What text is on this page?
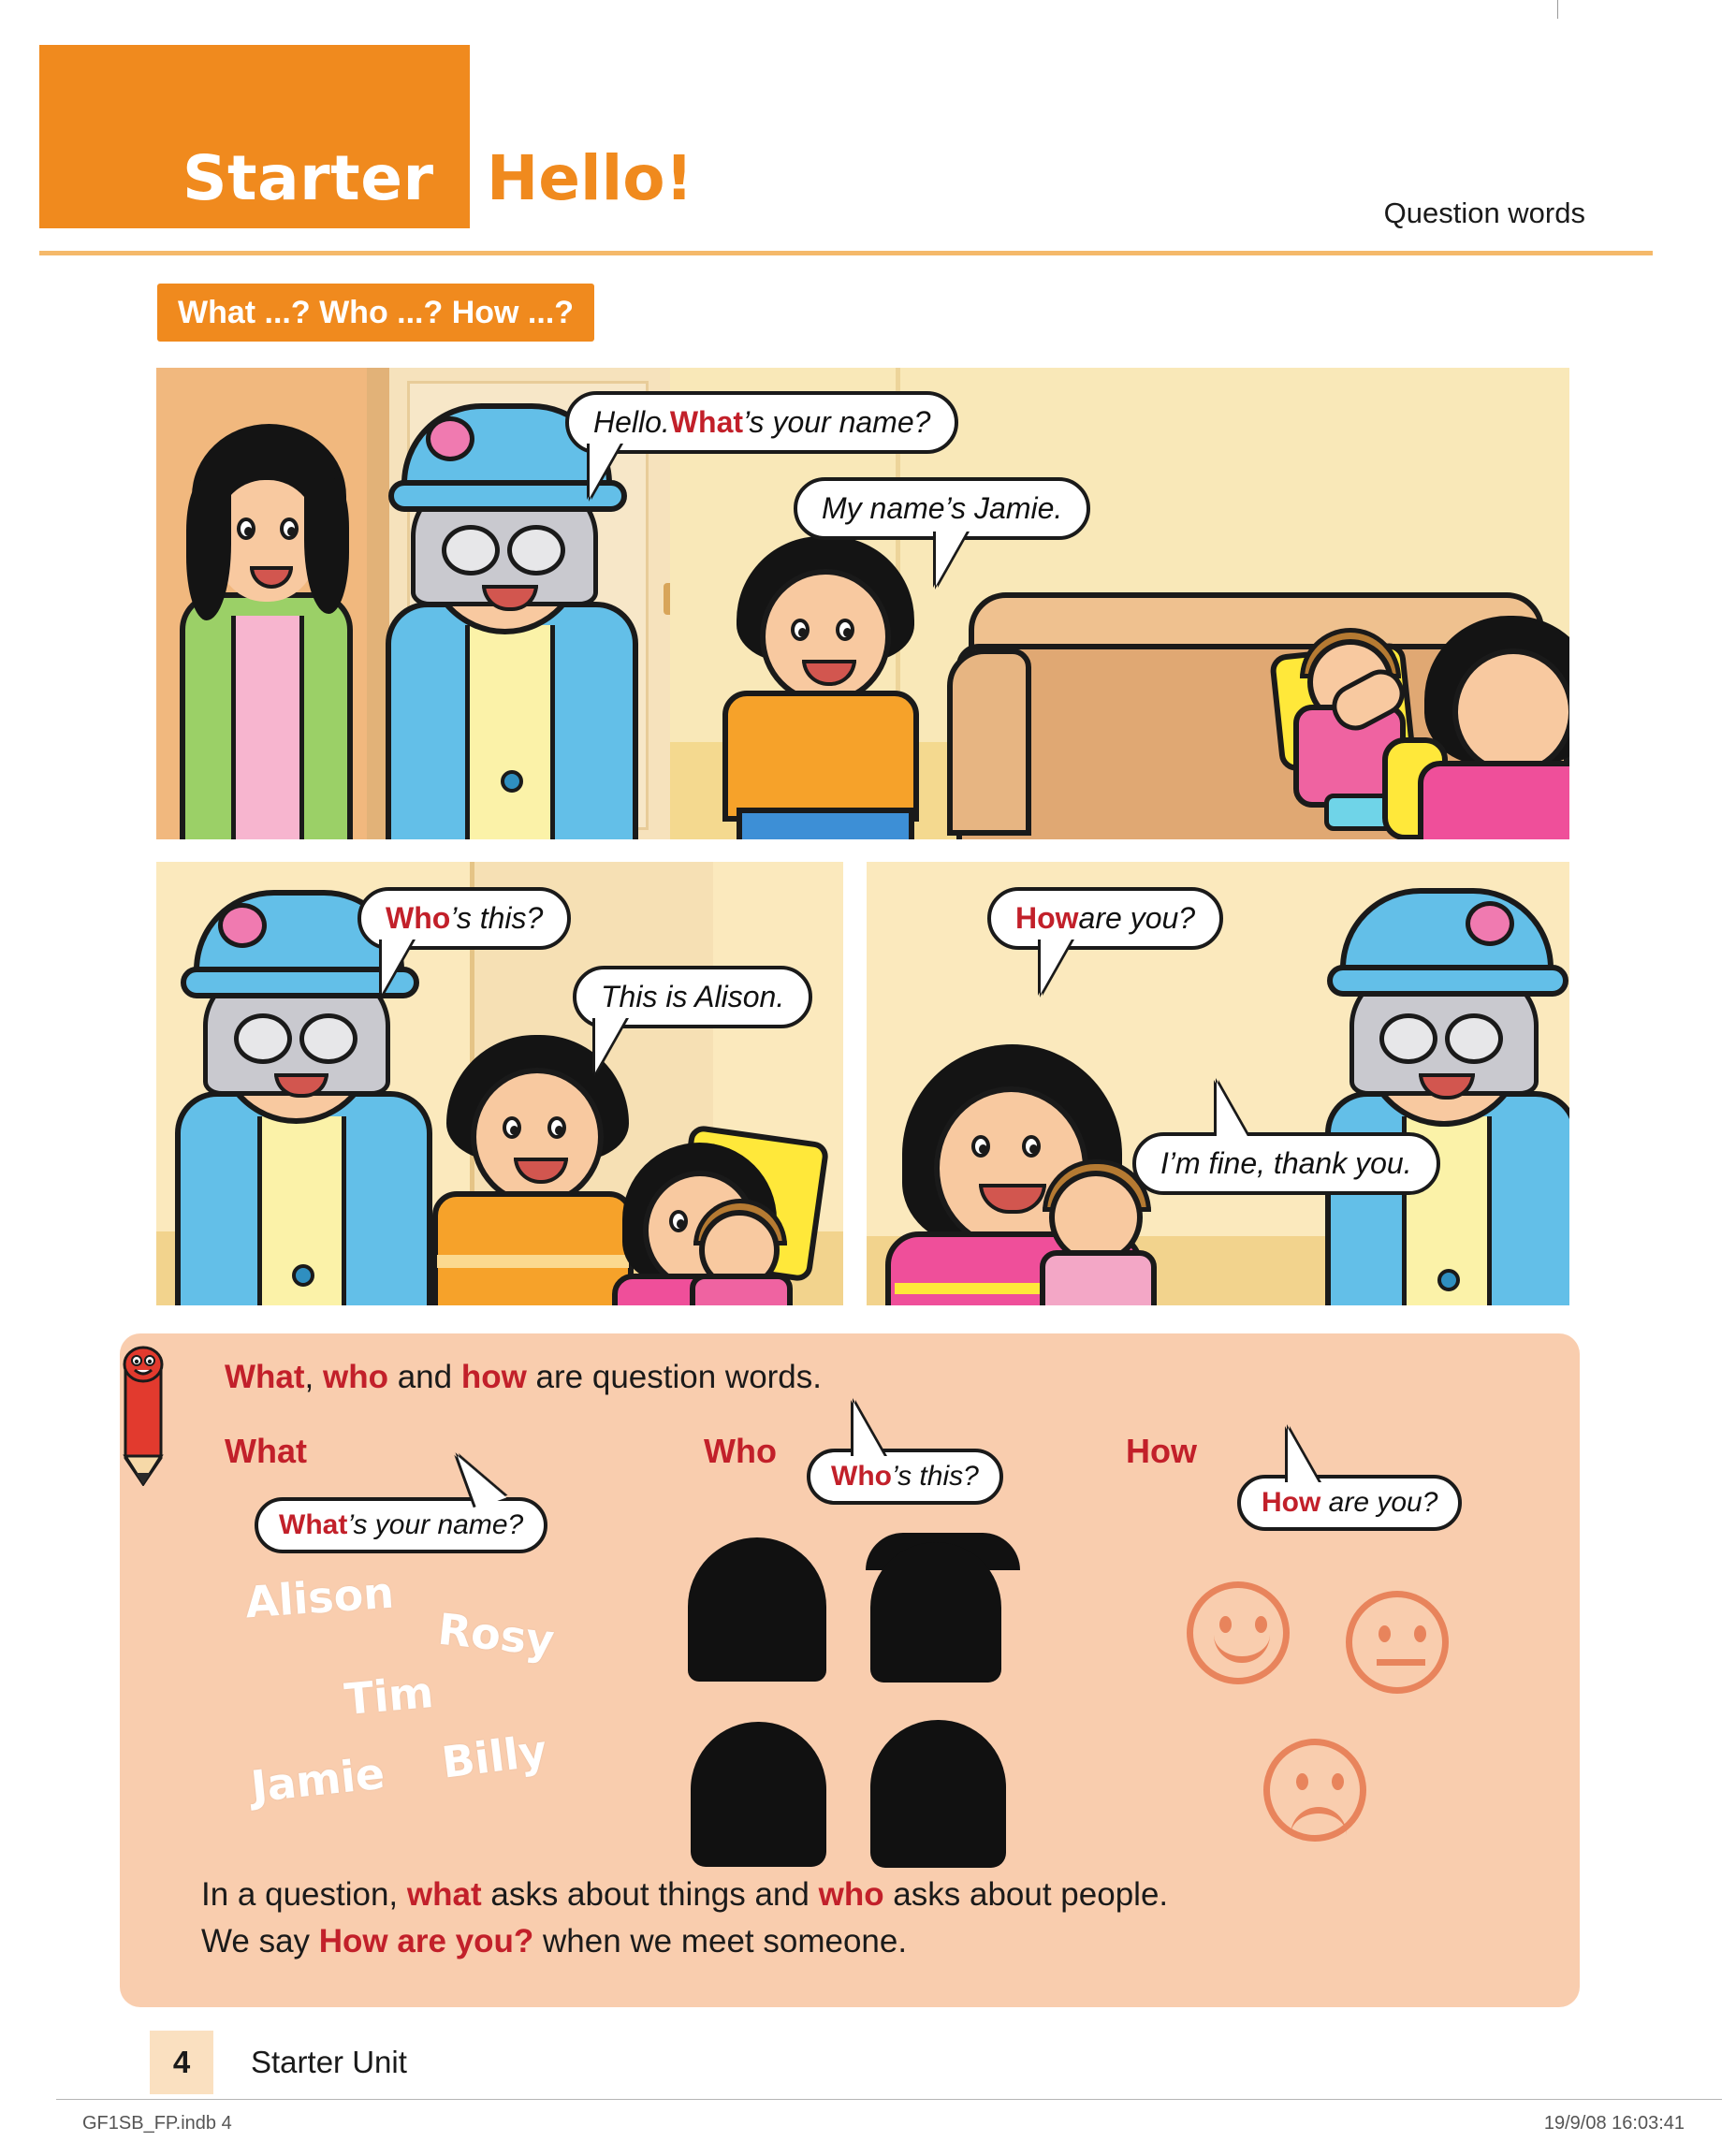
Starter Hello!	Question words
What ...? Who ...? How ...?
Hello. What ’s your name?
My name’s Jamie.
Who ’s this?
This is Alison.
How are you?
I’m fine, thank you.
What, who and how are question words.
What	Who	How
What’s your name?
Who’s this?
How are you?
Alison
Rosy
Tim
Jamie Billy
In a question, what asks about things and who asks about people.
We say How are you? when we meet someone.
4	Starter Unit
GF1SB_FP.indb 4	19/9/08 16:03:41
